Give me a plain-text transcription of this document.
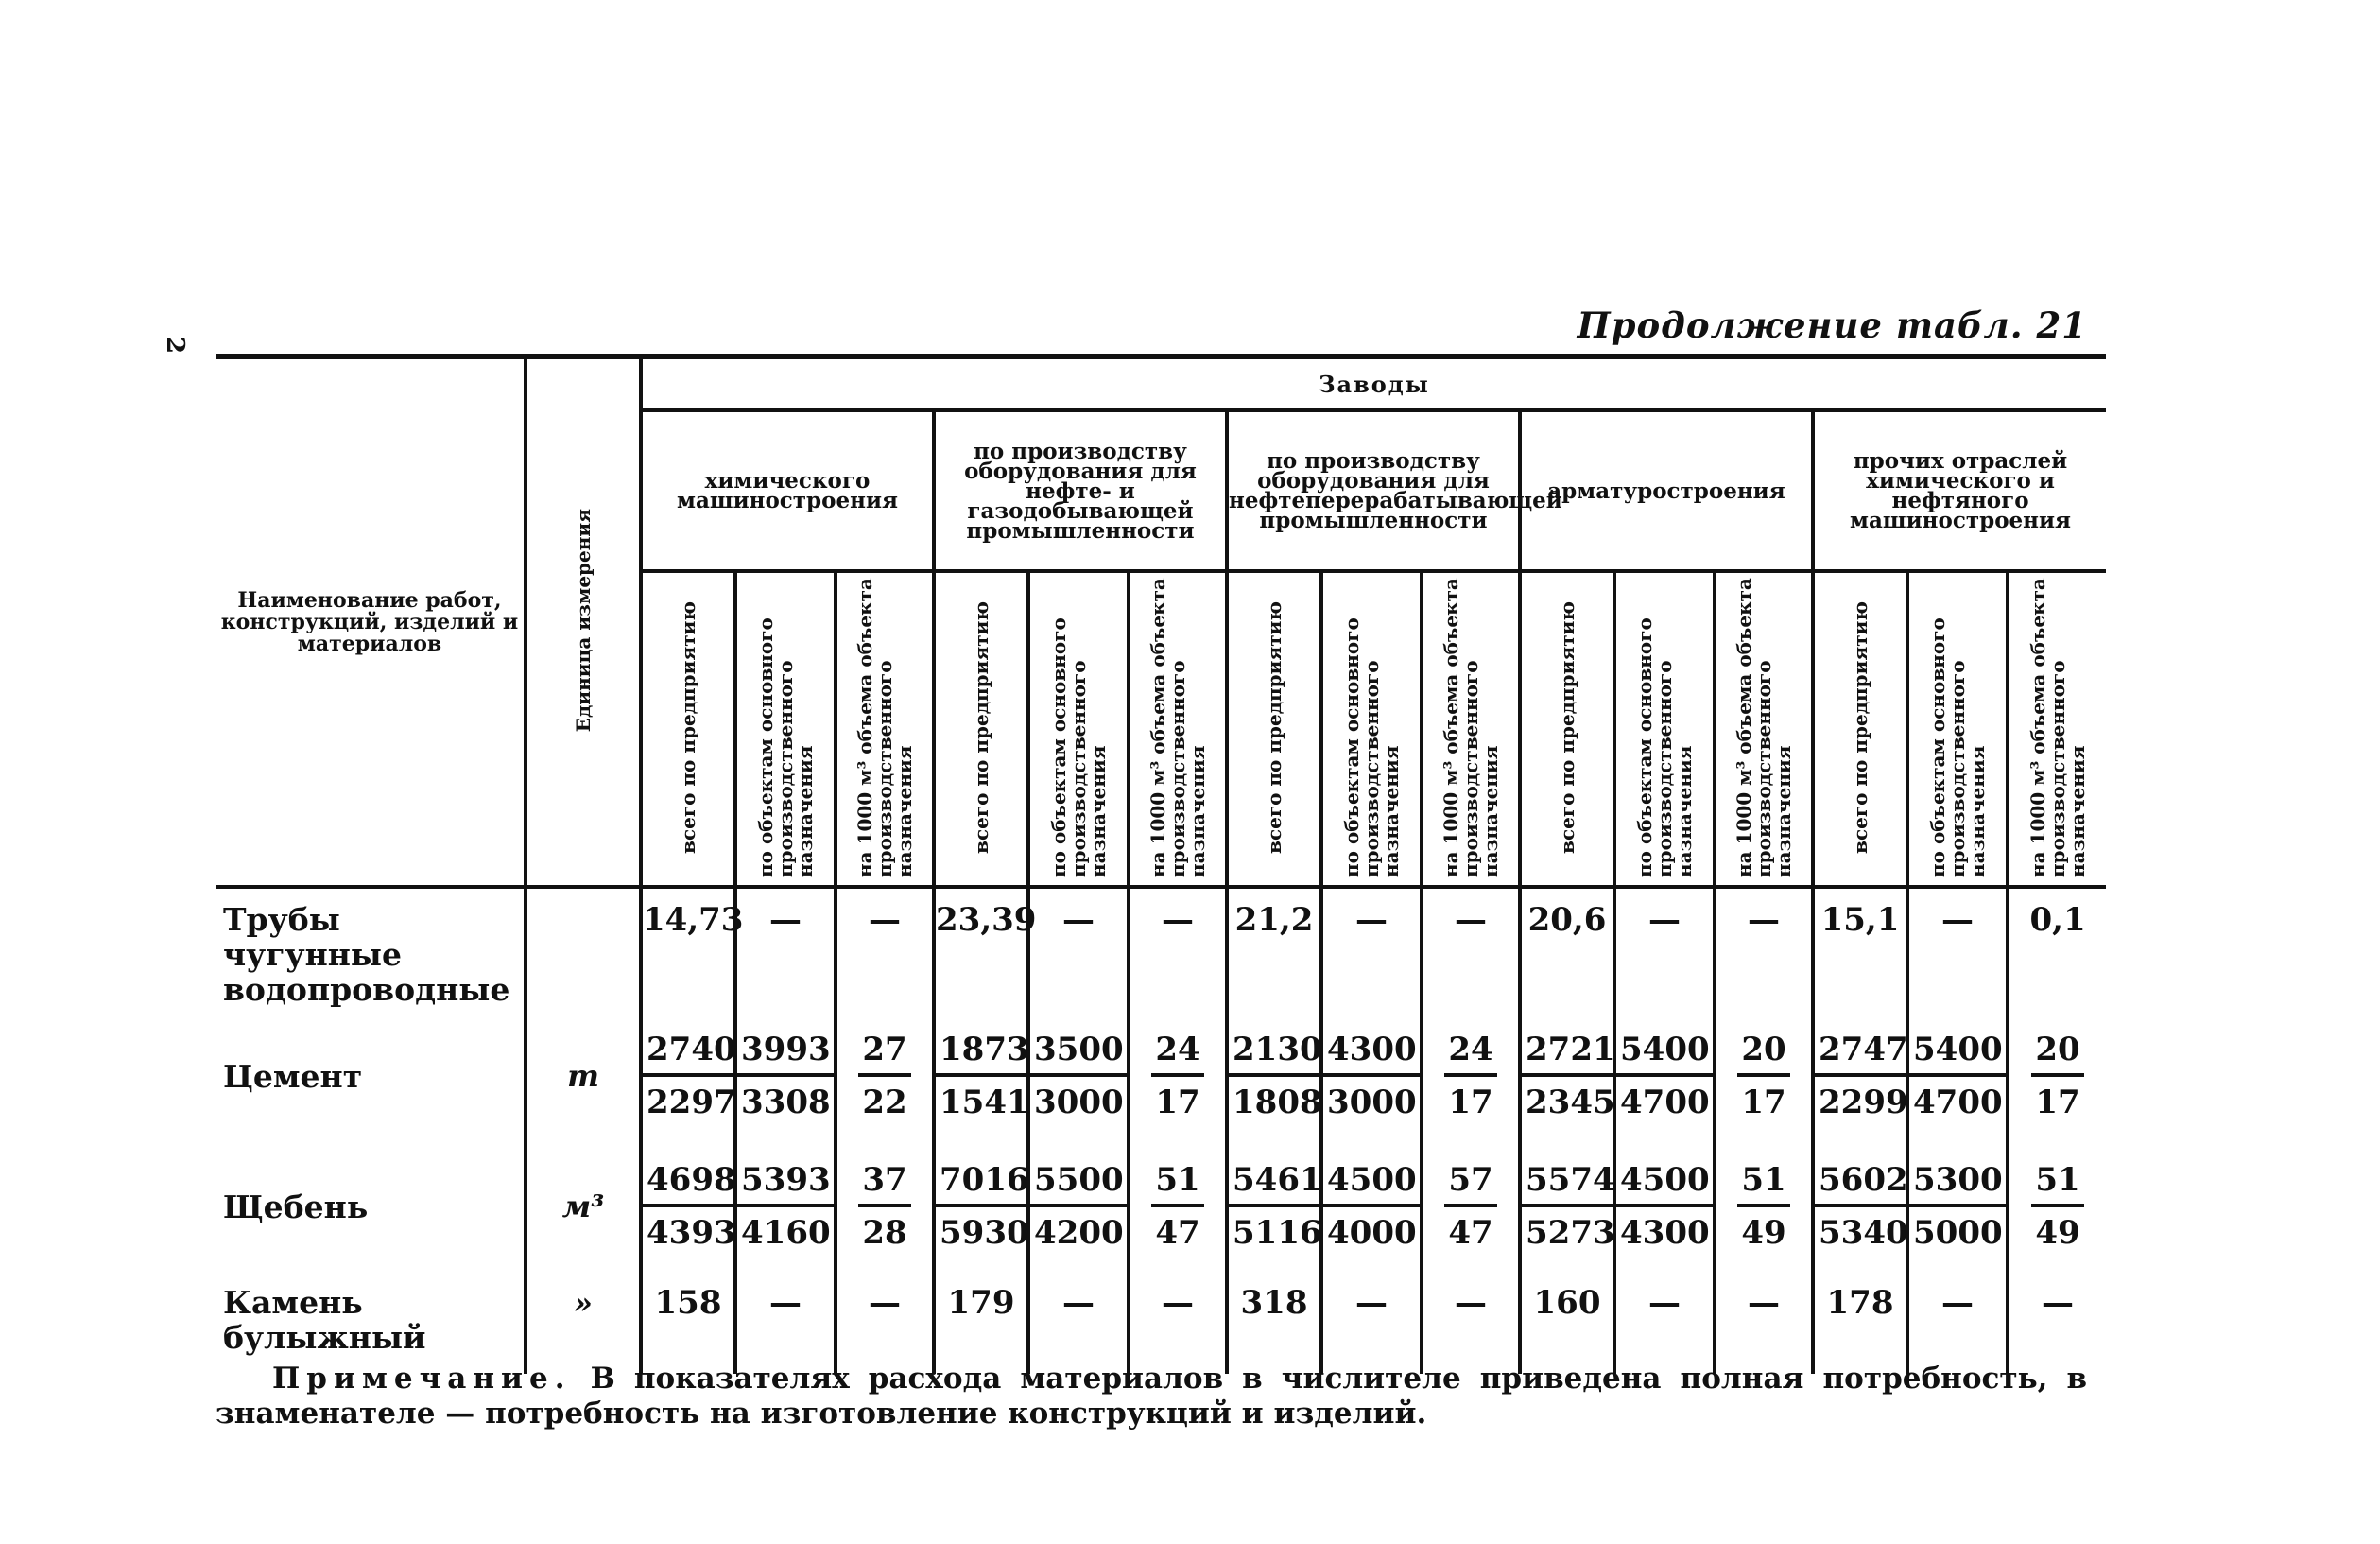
2	Продолжение табл. 21
Наименование работ, конструкций, изделий и материалов	Единица измерения	Заводы														
		химического машиностроения			по производству оборудования для нефте- и газодобывающей промышленности			по производству оборудования для нефтеперерабатывающей промышленности			арматуростроения			прочих отраслей химического и нефтяного машиностроения		
		всего по предприятию	по объектам основного производственного назначения	на 1000 м³ объема объекта производственного назначения	всего по предприятию	по объектам основного производственного назначения	на 1000 м³ объема объекта производственного назначения	всего по предприятию	по объектам основного производственного назначения	на 1000 м³ объема объекта производственного назначения	всего по предприятию	по объектам основного производственного назначения	на 1000 м³ объема объекта производственного назначения	всего по предприятию	по объектам основного производственного назначения	на 1000 м³ объема объекта производственного назначения
Трубы чугунные водопроводные		14,73	—	—	23,39	—	—	21,2	—	—	20,6	—	—	15,1	—	0,1
Цемент	т	$\frac{2740}{2297}$	$\frac{3993}{3308}$	$\frac{27}{22}$	$\frac{1873}{1541}$	$\frac{3500}{3000}$	$\frac{24}{17}$	$\frac{2130}{1808}$	$\frac{4300}{3000}$	$\frac{24}{17}$	$\frac{2721}{2345}$	$\frac{5400}{4700}$	$\frac{20}{17}$	$\frac{2747}{2299}$	$\frac{5400}{4700}$	$\frac{20}{17}$

Щебень	м³	$\frac{4698}{4393}$	$\frac{5393}{4160}$	$\frac{37}{28}$	$\frac{7016}{5930}$	$\frac{5500}{4200}$	$\frac{51}{47}$	$\frac{5461}{5116}$	$\frac{4500}{4000}$	$\frac{57}{47}$	$\frac{5574}{5273}$	$\frac{4500}{4300}$	$\frac{51}{49}$	$\frac{5602}{5340}$	$\frac{5300}{5000}$	$\frac{51}{49}$

Камень булыжный	»	158	—	—	179	—	—	318	—	—	160	—	—	178	—	—
Примечание. В показателях расхода материалов в числителе приведена полная потребность, в знаменателе — потребность на изготовление конструкций и изделий.
